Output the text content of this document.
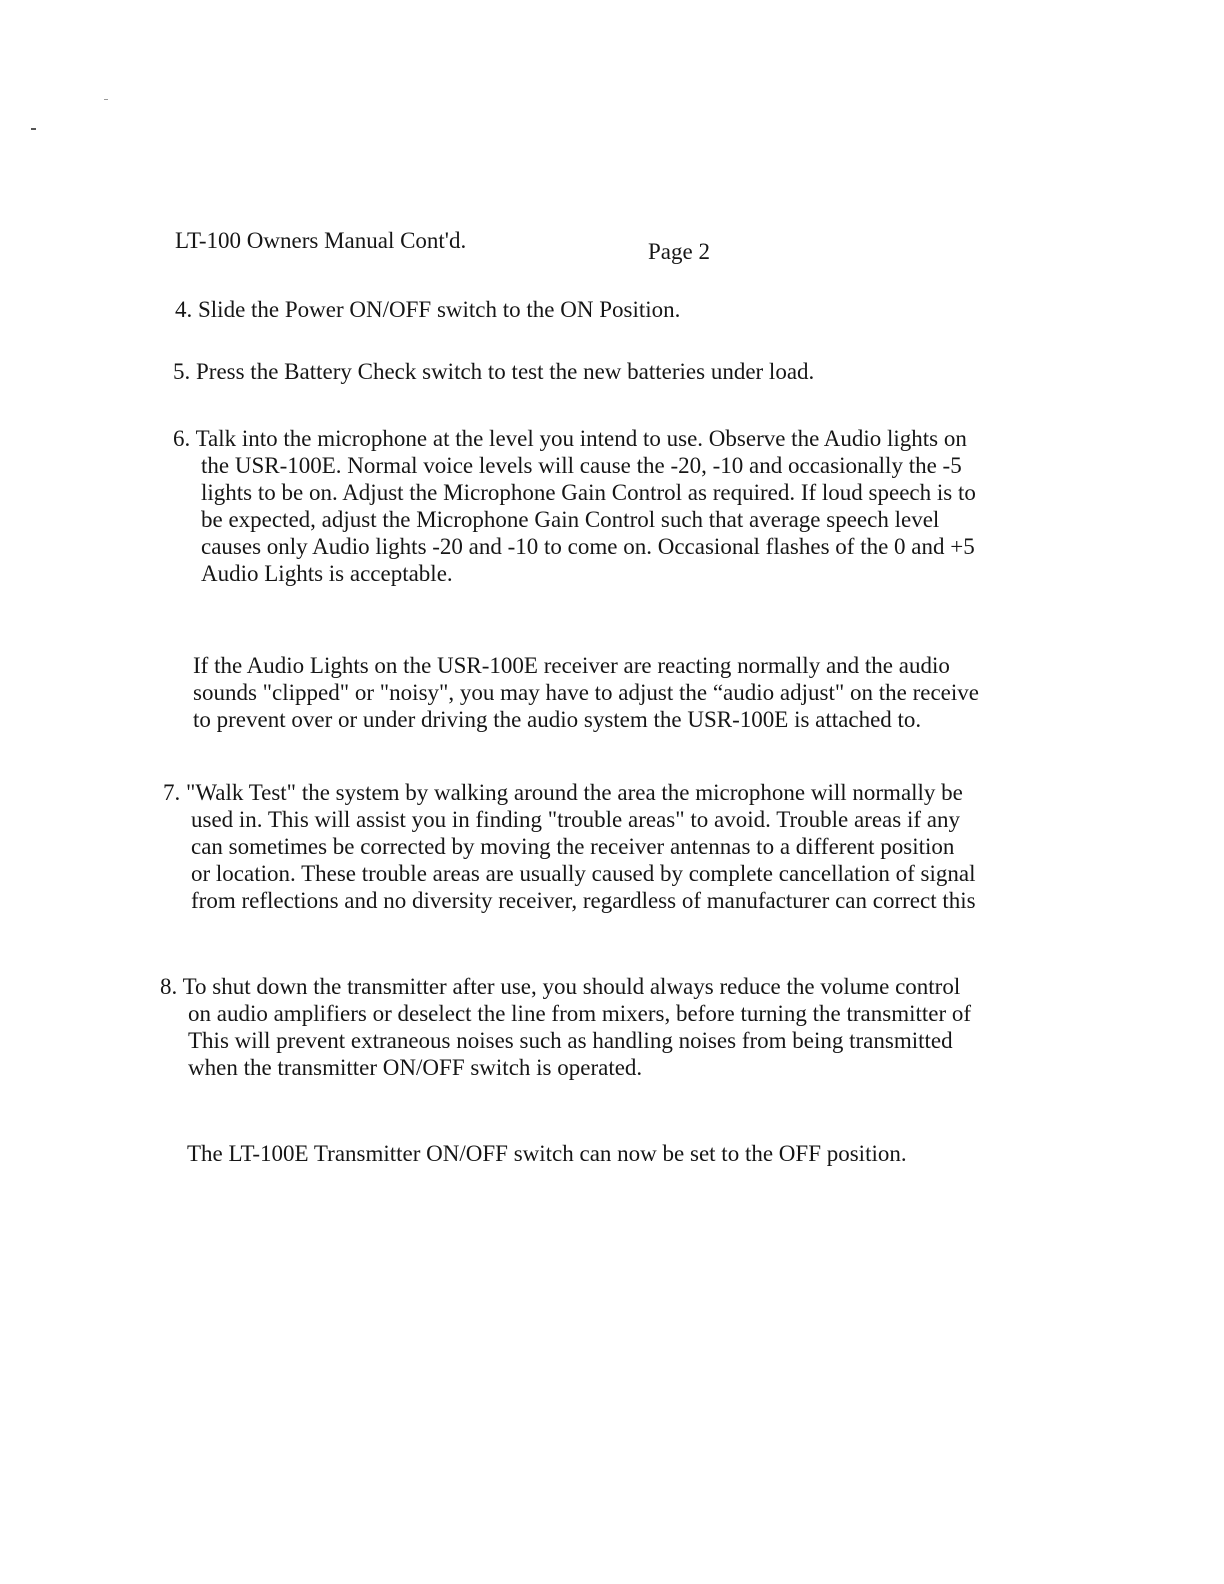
LT-100 Owners Manual Cont'd.	Page 2
4. Slide the Power ON/OFF switch to the ON Position.
5. Press the Battery Check switch to test the new batteries under load.
6. Talk into the microphone at the level you intend to use. Observe the Audio lights on
the USR-100E. Normal voice levels will cause the -20, -10 and occasionally the -5
lights to be on. Adjust the Microphone Gain Control as required. If loud speech is to
be expected, adjust the Microphone Gain Control such that average speech level
causes only Audio lights -20 and -10 to come on. Occasional flashes of the 0 and +5
Audio Lights is acceptable.
If the Audio Lights on the USR-100E receiver are reacting normally and the audio
sounds "clipped" or "noisy", you may have to adjust the “audio adjust" on the receive
to prevent over or under driving the audio system the USR-100E is attached to.
7. "Walk Test" the system by walking around the area the microphone will normally be
used in. This will assist you in finding "trouble areas" to avoid. Trouble areas if any
can sometimes be corrected by moving the receiver antennas to a different position
or location. These trouble areas are usually caused by complete cancellation of signal
from reflections and no diversity receiver, regardless of manufacturer can correct this
8. To shut down the transmitter after use, you should always reduce the volume control
on audio amplifiers or deselect the line from mixers, before turning the transmitter of
This will prevent extraneous noises such as handling noises from being transmitted
when the transmitter ON/OFF switch is operated.
The LT-100E Transmitter ON/OFF switch can now be set to the OFF position.
